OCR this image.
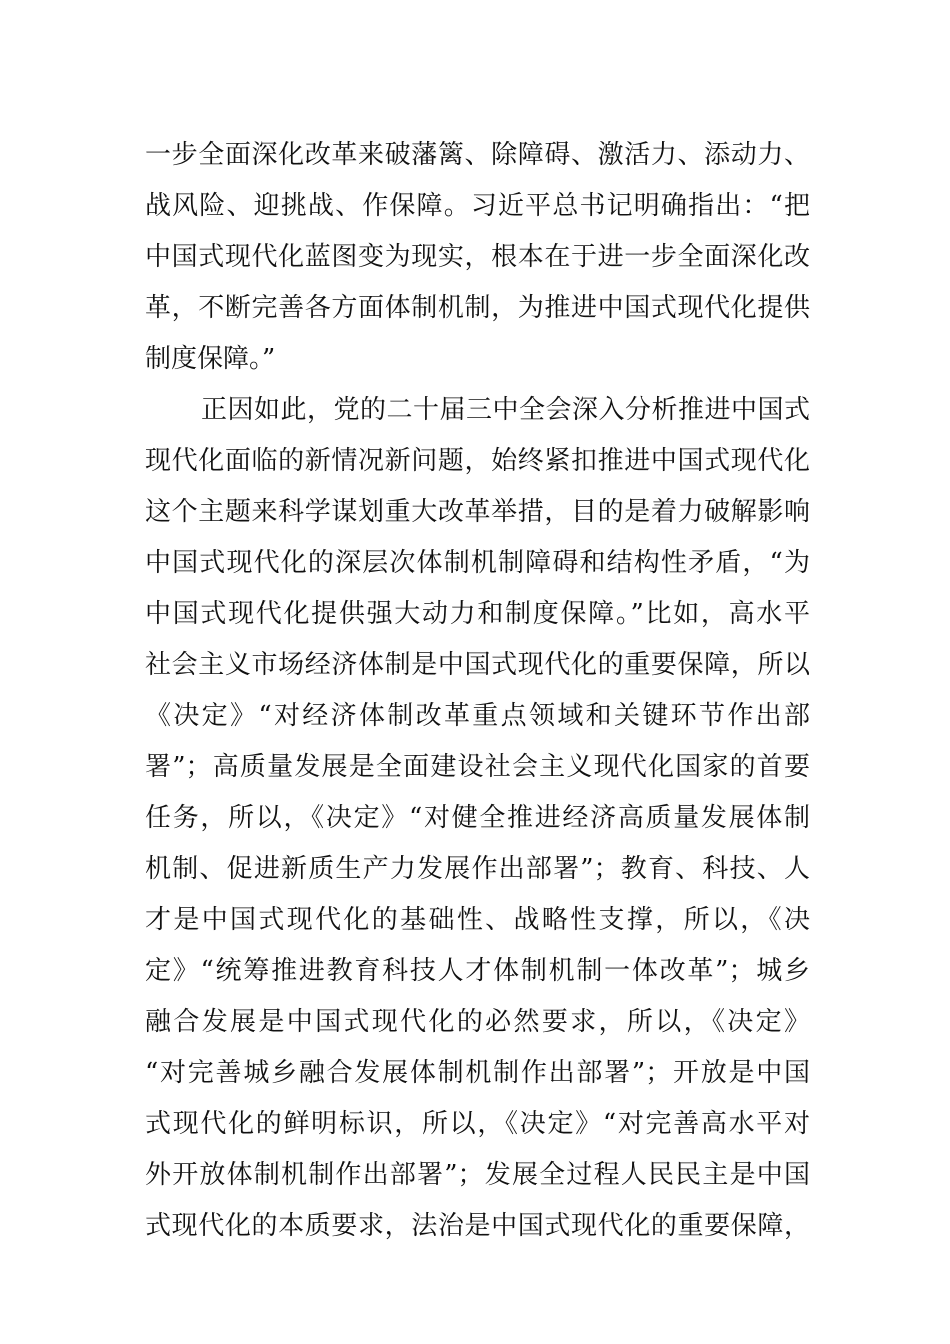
一步全面深化改革来破藩篱、除障碍、激活力、添动力、
战风险、迎挑战、作保障。习近平总书记明确指出：“把
中国式现代化蓝图变为现实，根本在于进一步全面深化改
革，不断完善各方面体制机制，为推进中国式现代化提供
制度保障。”
正因如此，党的二十届三中全会深入分析推进中国式
现代化面临的新情况新问题，始终紧扣推进中国式现代化
这个主题来科学谋划重大改革举措，目的是着力破解影响
中国式现代化的深层次体制机制障碍和结构性矛盾，“为
中国式现代化提供强大动力和制度保障。”比如，高水平
社会主义市场经济体制是中国式现代化的重要保障，所以
《决定》“对经济体制改革重点领域和关键环节作出部
署”；高质量发展是全面建设社会主义现代化国家的首要
任务，所以，《决定》“对健全推进经济高质量发展体制
机制、促进新质生产力发展作出部署”；教育、科技、人
才是中国式现代化的基础性、战略性支撑，所以，《决
定》“统筹推进教育科技人才体制机制一体改革”；城乡
融合发展是中国式现代化的必然要求，所以，《决定》
“对完善城乡融合发展体制机制作出部署”；开放是中国
式现代化的鲜明标识，所以，《决定》“对完善高水平对
外开放体制机制作出部署”；发展全过程人民民主是中国
式现代化的本质要求，法治是中国式现代化的重要保障，
